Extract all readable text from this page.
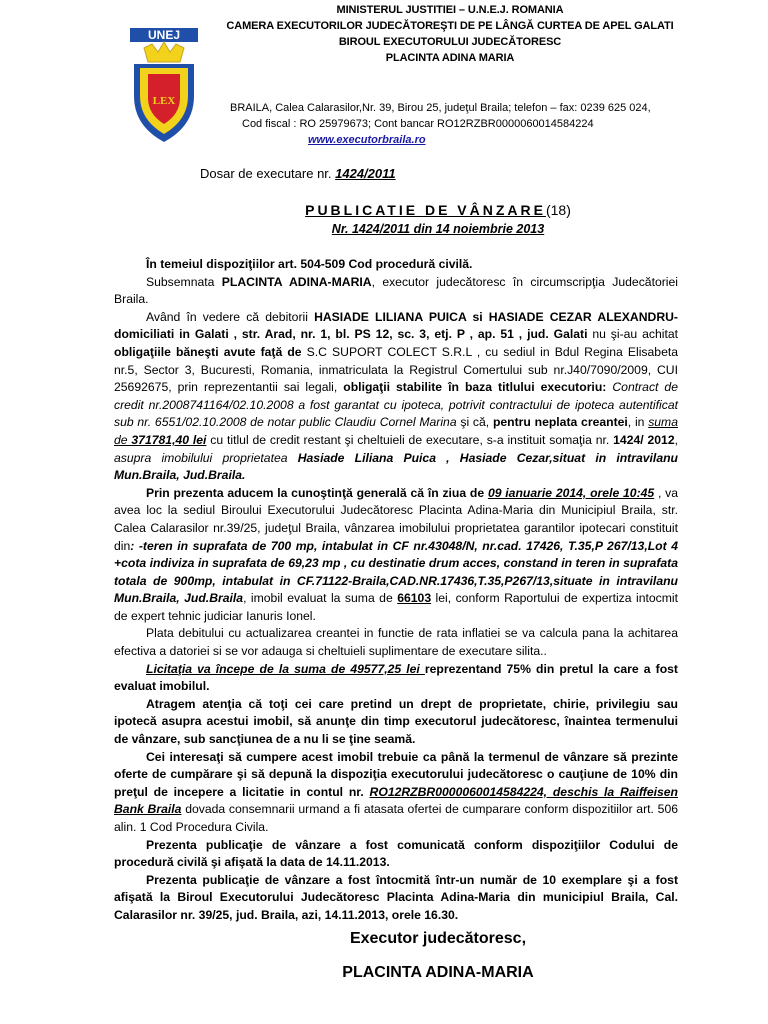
UNEJ
LEX
MINISTERUL JUSTITIEI – U.N.E.J. ROMANIA
CAMERA EXECUTORILOR JUDECĂTOREŞTI DE PE LÂNGĂ CURTEA DE APEL GALATI
BIROUL EXECUTORULUI JUDECĂTORESC
PLACINTA ADINA MARIA
BRAILA, Calea Calarasilor,Nr. 39, Birou 25, judeţul Braila; telefon – fax: 0239 625 024,
Cod fiscal : RO 25979673; Cont bancar RO12RZBR0000060014584224
www.executorbraila.ro
Dosar de executare nr. 1424/2011
PUBLICATIE DE VÂNZARE(18)
Nr. 1424/2011 din 14 noiembrie 2013

În temeiul dispoziţiilor art. 504-509 Cod procedură civilă.

Subsemnata PLACINTA ADINA-MARIA, executor judecătoresc în circumscripţia Judecătoriei Braila.

Având în vedere că debitorii HASIADE LILIANA PUICA si HASIADE CEZAR ALEXANDRU- domiciliati in Galati , str. Arad, nr. 1, bl. PS 12, sc. 3, etj. P , ap. 51 , jud. Galati nu şi-au achitat obligaţiile băneşti avute faţă de S.C SUPORT COLECT S.R.L , cu sediul in Bdul Regina Elisabeta nr.5, Sector 3, Bucuresti, Romania, inmatriculata la Registrul Comertului sub nr.J40/7090/2009, CUI 25692675, prin reprezentantii sai legali, obligaţii stabilite în baza titlului executoriu: Contract de credit nr.2008741164/02.10.2008 a fost garantat cu ipoteca, potrivit contractului de ipoteca autentificat sub nr. 6551/02.10.2008 de notar public Claudiu Cornel Marina şi că, pentru neplata creantei, in suma de 371781,40 lei cu titlul de credit restant şi cheltuieli de executare, s-a instituit somaţia nr. 1424/ 2012, asupra imobilului proprietatea Hasiade Liliana Puica , Hasiade Cezar,situat in intravilanu Mun.Braila, Jud.Braila.

Prin prezenta aducem la cunoştinţă generală că în ziua de 09 ianuarie 2014, orele 10:45 , va avea loc la sediul Biroului Executorului Judecătoresc Placinta Adina-Maria din Municipiul Braila, str. Calea Calarasilor nr.39/25, judeţul Braila, vânzarea imobilului proprietatea garantilor ipotecari constituit din: -teren in suprafata de 700 mp, intabulat in CF nr.43048/N, nr.cad. 17426, T.35,P 267/13,Lot 4 +cota indiviza in suprafata de 69,23 mp , cu destinatie drum acces, constand in teren in suprafata totala de 900mp, intabulat in CF.71122-Braila,CAD.NR.17436,T.35,P267/13,situate in intravilanu Mun.Braila, Jud.Braila, imobil evaluat la suma de 66103 lei, conform Raportului de expertiza intocmit de expert tehnic judiciar Ianuris Ionel.

Plata debitului cu actualizarea creantei in functie de rata inflatiei se va calcula pana la achitarea efectiva a datoriei si se vor adauga si cheltuieli suplimentare de executare silita..

Licitaţia va începe de la suma de 49577,25 lei reprezentand 75% din pretul la care a fost evaluat imobilul.

Atragem atenţia că toţi cei care pretind un drept de proprietate, chirie, privilegiu sau ipotecă asupra acestui imobil, să anunţe din timp executorul judecătoresc, înaintea termenului de vânzare, sub sancţiunea de a nu li se ţine seamă.

Cei interesaţi să cumpere acest imobil trebuie ca până la termenul de vânzare să prezinte oferte de cumpărare şi să depună la dispoziţia executorului judecătoresc o cauţiune de 10% din preţul de incepere a licitatie in contul nr. RO12RZBR0000060014584224, deschis la Raiffeisen Bank Braila dovada consemnarii urmand a fi atasata ofertei de cumparare conform dispozitiilor art. 506 alin. 1 Cod Procedura Civila.

Prezenta publicaţie de vânzare a fost comunicată conform dispoziţiilor Codului de procedură civilă şi afişată la data de 14.11.2013.

Prezenta publicaţie de vânzare a fost întocmită într-un număr de 10 exemplare şi a fost afişată la Biroul Executorului Judecătoresc Placinta Adina-Maria din municipiul Braila, Cal. Calarasilor nr. 39/25, jud. Braila, azi, 14.11.2013, orele 16.30.

Executor judecătoresc,
PLACINTA ADINA-MARIA
